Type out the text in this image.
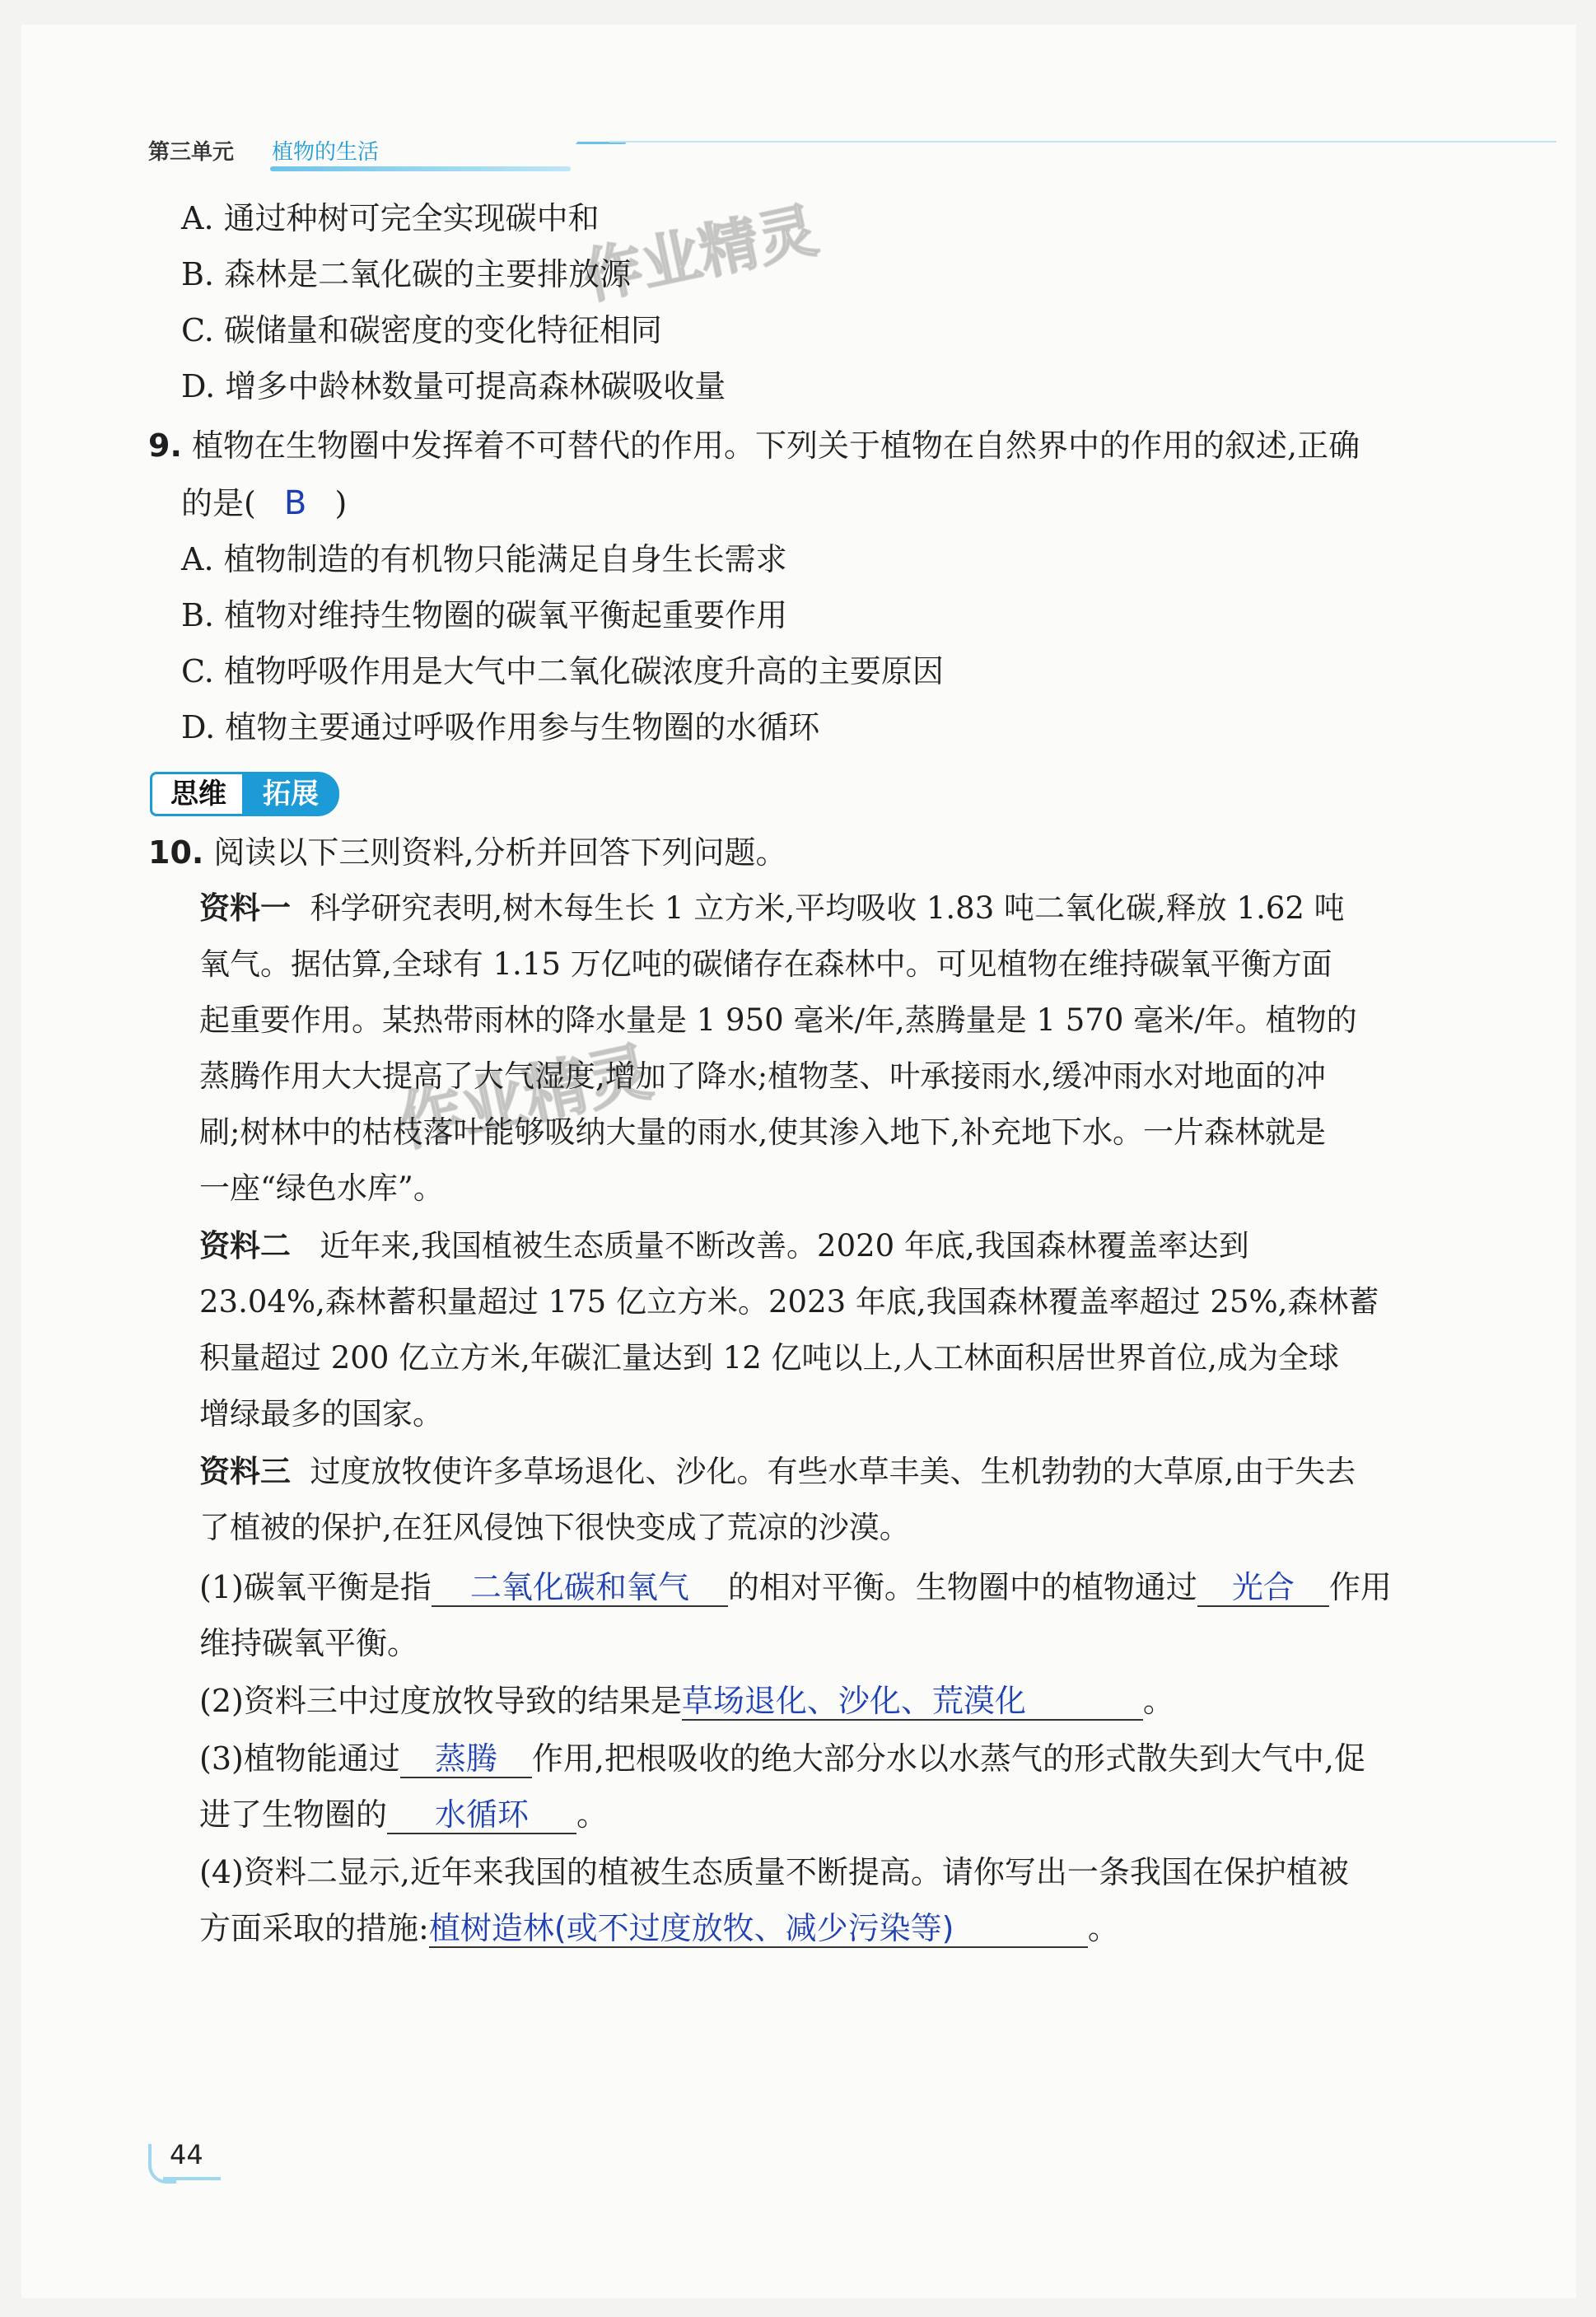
第三单元 植物的生活
作业精灵
作业精灵
A. 通过种树可完全实现碳中和
B. 森林是二氧化碳的主要排放源
C. 碳储量和碳密度的变化特征相同
D. 增多中龄林数量可提高森林碳吸收量
9. 植物在生物圈中发挥着不可替代的作用。下列关于植物在自然界中的作用的叙述,正确
的是( B )
A. 植物制造的有机物只能满足自身生长需求
B. 植物对维持生物圈的碳氧平衡起重要作用
C. 植物呼吸作用是大气中二氧化碳浓度升高的主要原因
D. 植物主要通过呼吸作用参与生物圈的水循环
思维	拓展
10. 阅读以下三则资料,分析并回答下列问题。
资料一 科学研究表明,树木每生长 1 立方米,平均吸收 1.83 吨二氧化碳,释放 1.62 吨
氧气。据估算,全球有 1.15 万亿吨的碳储存在森林中。可见植物在维持碳氧平衡方面
起重要作用。某热带雨林的降水量是 1 950 毫米/年,蒸腾量是 1 570 毫米/年。植物的
蒸腾作用大大提高了大气湿度,增加了降水;植物茎、叶承接雨水,缓冲雨水对地面的冲
刷;树林中的枯枝落叶能够吸纳大量的雨水,使其渗入地下,补充地下水。一片森林就是
一座“绿色水库”。
资料二 近年来,我国植被生态质量不断改善。2020 年底,我国森林覆盖率达到
23.04%,森林蓄积量超过 175 亿立方米。2023 年底,我国森林覆盖率超过 25%,森林蓄
积量超过 200 亿立方米,年碳汇量达到 12 亿吨以上,人工林面积居世界首位,成为全球
增绿最多的国家。
资料三 过度放牧使许多草场退化、沙化。有些水草丰美、生机勃勃的大草原,由于失去
了植被的保护,在狂风侵蚀下很快变成了荒凉的沙漠。
(1)碳氧平衡是指 二氧化碳和氧气 的相对平衡。生物圈中的植物通过 光合 作用
维持碳氧平衡。
(2)资料三中过度放牧导致的结果是草场退化、沙化、荒漠化	。
(3)植物能通过 蒸腾 作用,把根吸收的绝大部分水以水蒸气的形式散失到大气中,促
进了生物圈的 水循环 。
(4)资料二显示,近年来我国的植被生态质量不断提高。请你写出一条我国在保护植被
方面采取的措施:植树造林(或不过度放牧、减少污染等)	。
44
